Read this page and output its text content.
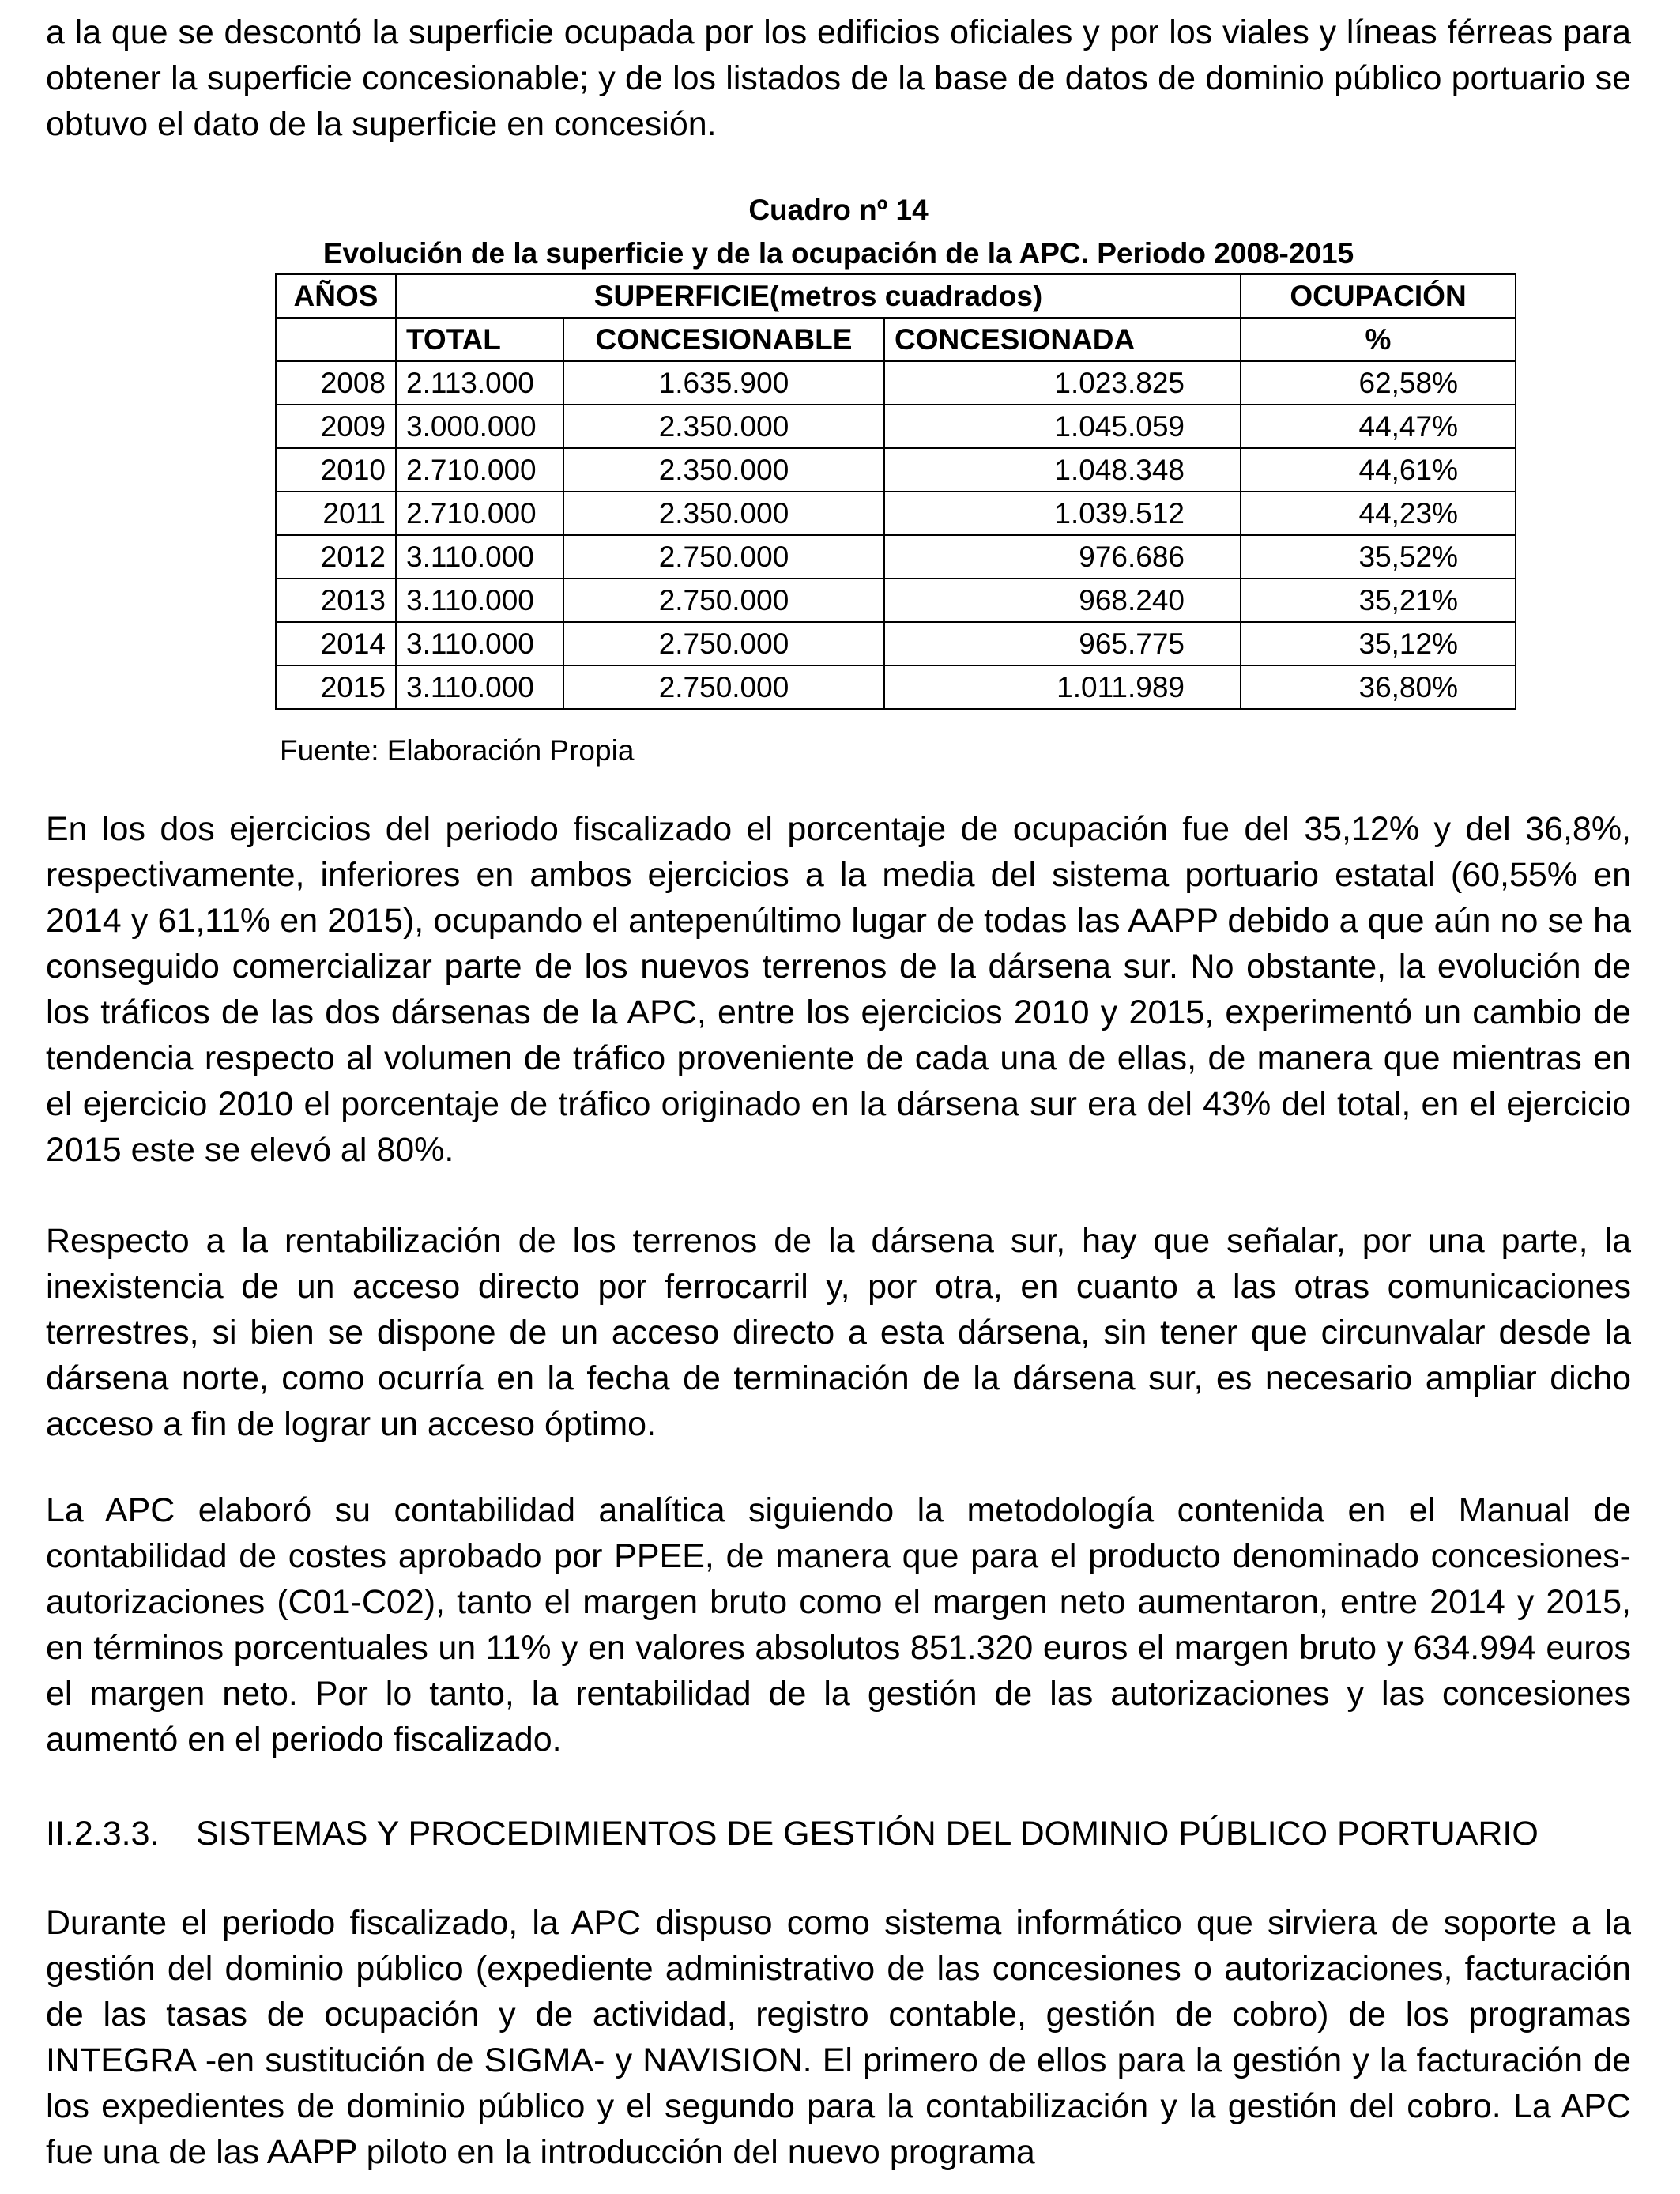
a la que se descontó la superficie ocupada por los edificios oficiales y por los viales y líneas férreas para obtener la superficie concesionable; y de los listados de la base de datos de dominio público portuario se obtuvo el dato de la superficie en concesión.

Cuadro nº 14
Evolución de la superficie y de la ocupación de la APC. Periodo 2008-2015
AÑOS	SUPERFICIE(metros cuadrados)			OCUPACIÓN
	TOTAL	CONCESIONABLE	CONCESIONADA	%
2008	2.113.000	1.635.900	1.023.825	62,58%
2009	3.000.000	2.350.000	1.045.059	44,47%
2010	2.710.000	2.350.000	1.048.348	44,61%
2011	2.710.000	2.350.000	1.039.512	44,23%
2012	3.110.000	2.750.000	976.686	35,52%
2013	3.110.000	2.750.000	968.240	35,21%
2014	3.110.000	2.750.000	965.775	35,12%
2015	3.110.000	2.750.000	1.011.989	36,80%
Fuente: Elaboración Propia

En los dos ejercicios del periodo fiscalizado el porcentaje de ocupación fue del 35,12% y del 36,8%, respectivamente, inferiores en ambos ejercicios a la media del sistema portuario estatal (60,55% en 2014 y 61,11% en 2015), ocupando el antepenúltimo lugar de todas las AAPP debido a que aún no se ha conseguido comercializar parte de los nuevos terrenos de la dársena sur. No obstante, la evolución de los tráficos de las dos dársenas de la APC, entre los ejercicios 2010 y 2015, experimentó un cambio de tendencia respecto al volumen de tráfico proveniente de cada una de ellas, de manera que mientras en el ejercicio 2010 el porcentaje de tráfico originado en la dársena sur era del 43% del total, en el ejercicio 2015 este se elevó al 80%.

Respecto a la rentabilización de los terrenos de la dársena sur, hay que señalar, por una parte, la inexistencia de un acceso directo por ferrocarril y, por otra, en cuanto a las otras comunicaciones terrestres, si bien se dispone de un acceso directo a esta dársena, sin tener que circunvalar desde la dársena norte, como ocurría en la fecha de terminación de la dársena sur, es necesario ampliar dicho acceso a fin de lograr un acceso óptimo.

La APC elaboró su contabilidad analítica siguiendo la metodología contenida en el Manual de contabilidad de costes aprobado por PPEE, de manera que para el producto denominado concesiones-autorizaciones (C01-C02), tanto el margen bruto como el margen neto aumentaron, entre 2014 y 2015, en términos porcentuales un 11% y en valores absolutos 851.320 euros el margen bruto y 634.994 euros el margen neto. Por lo tanto, la rentabilidad de la gestión de las autorizaciones y las concesiones aumentó en el periodo fiscalizado.

II.2.3.3. SISTEMAS Y PROCEDIMIENTOS DE GESTIÓN DEL DOMINIO PÚBLICO PORTUARIO

Durante el periodo fiscalizado, la APC dispuso como sistema informático que sirviera de soporte a la gestión del dominio público (expediente administrativo de las concesiones o autorizaciones, facturación de las tasas de ocupación y de actividad, registro contable, gestión de cobro) de los programas INTEGRA -en sustitución de SIGMA- y NAVISION. El primero de ellos para la gestión y la facturación de los expedientes de dominio público y el segundo para la contabilización y la gestión del cobro. La APC fue una de las AAPP piloto en la introducción del nuevo programa
